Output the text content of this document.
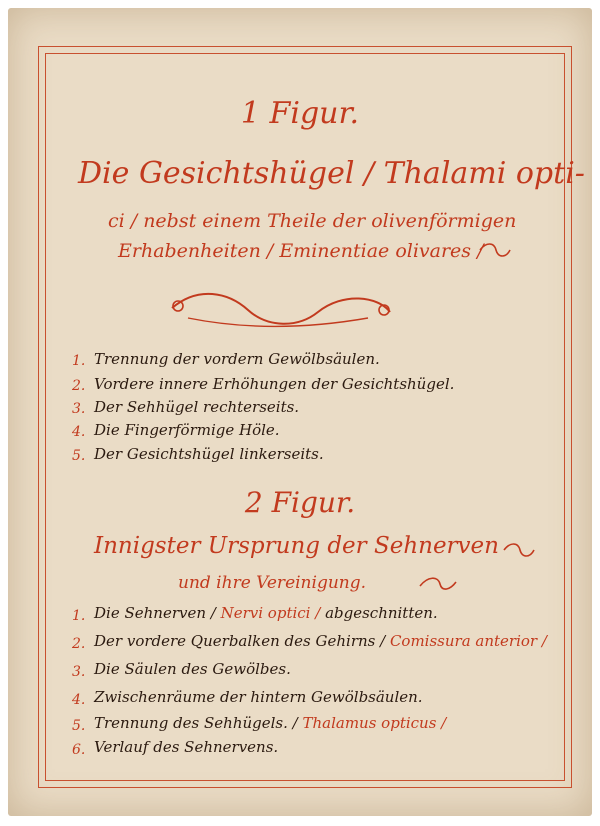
1 Figur.
Die Gesichtshügel / Thalami opti-
ci / nebst einem Theile der olivenförmigen
Erhabenheiten / Eminentiae olivares /
1. Trennung der vordern Gewölbsäulen.
2. Vordere innere Erhöhungen der Gesichtshügel.
3. Der Sehhügel rechterseits.
4. Die Fingerförmige Höle.
5. Der Gesichtshügel linkerseits.
2 Figur.
Innigster Ursprung der Sehnerven
und ihre Vereinigung.
1. Die Sehnerven / Nervi optici / abgeschnitten.
2. Der vordere Querbalken des Gehirns / Comissura anterior /
3. Die Säulen des Gewölbes.
4. Zwischenräume der hintern Gewölbsäulen.
5. Trennung des Sehhügels. / Thalamus opticus /
6. Verlauf des Sehnervens.
